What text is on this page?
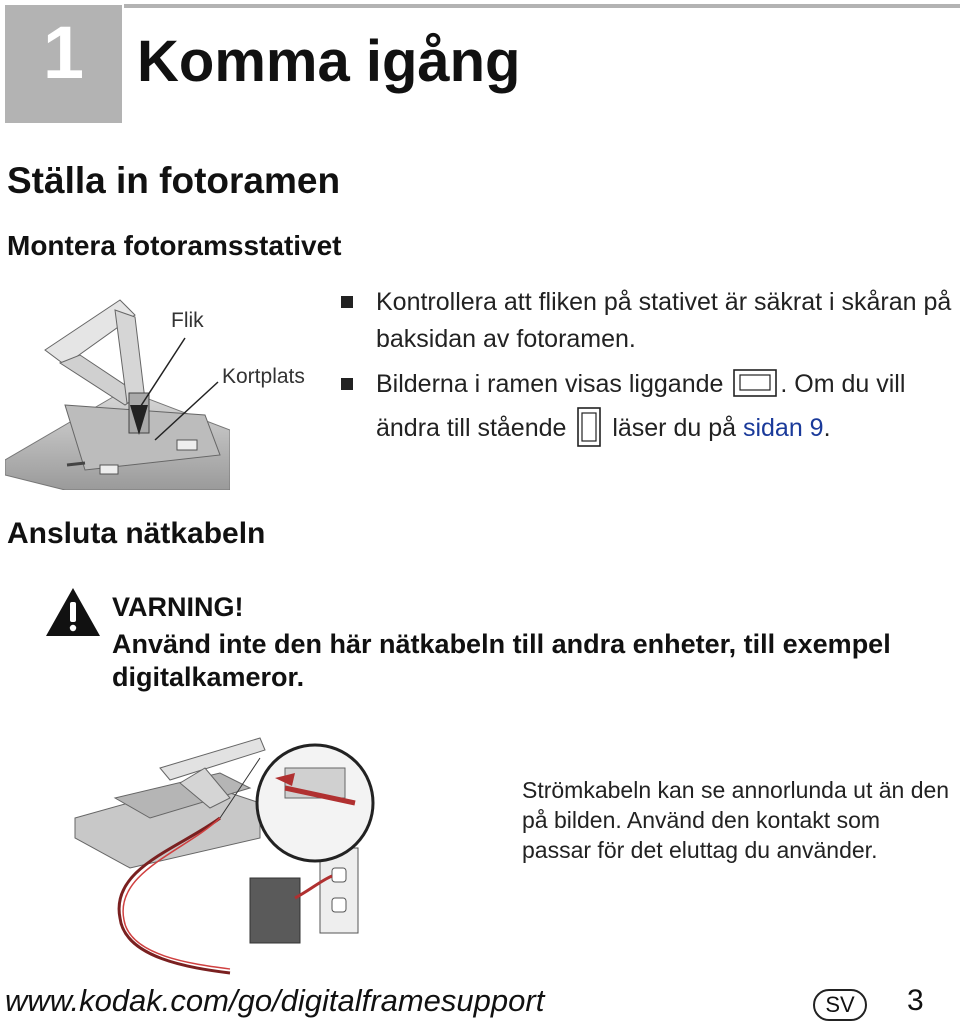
1 Komma igång
Ställa in fotoramen
Montera fotoramsstativet
Flik
Kortplats
Kontrollera att fliken på stativet är säkrat i skåran på
baksidan av fotoramen.
Bilderna i ramen visas liggande . Om du vill
ändra till stående läser du på sidan 9.
Ansluta nätkabeln
VARNING!
Använd inte den här nätkabeln till andra enheter, till exempel digitalkameror.
Strömkabeln kan se annorlunda ut än den på bilden. Använd den kontakt som passar för det eluttag du använder.
www.kodak.com/go/digitalframesupport	SV	3
